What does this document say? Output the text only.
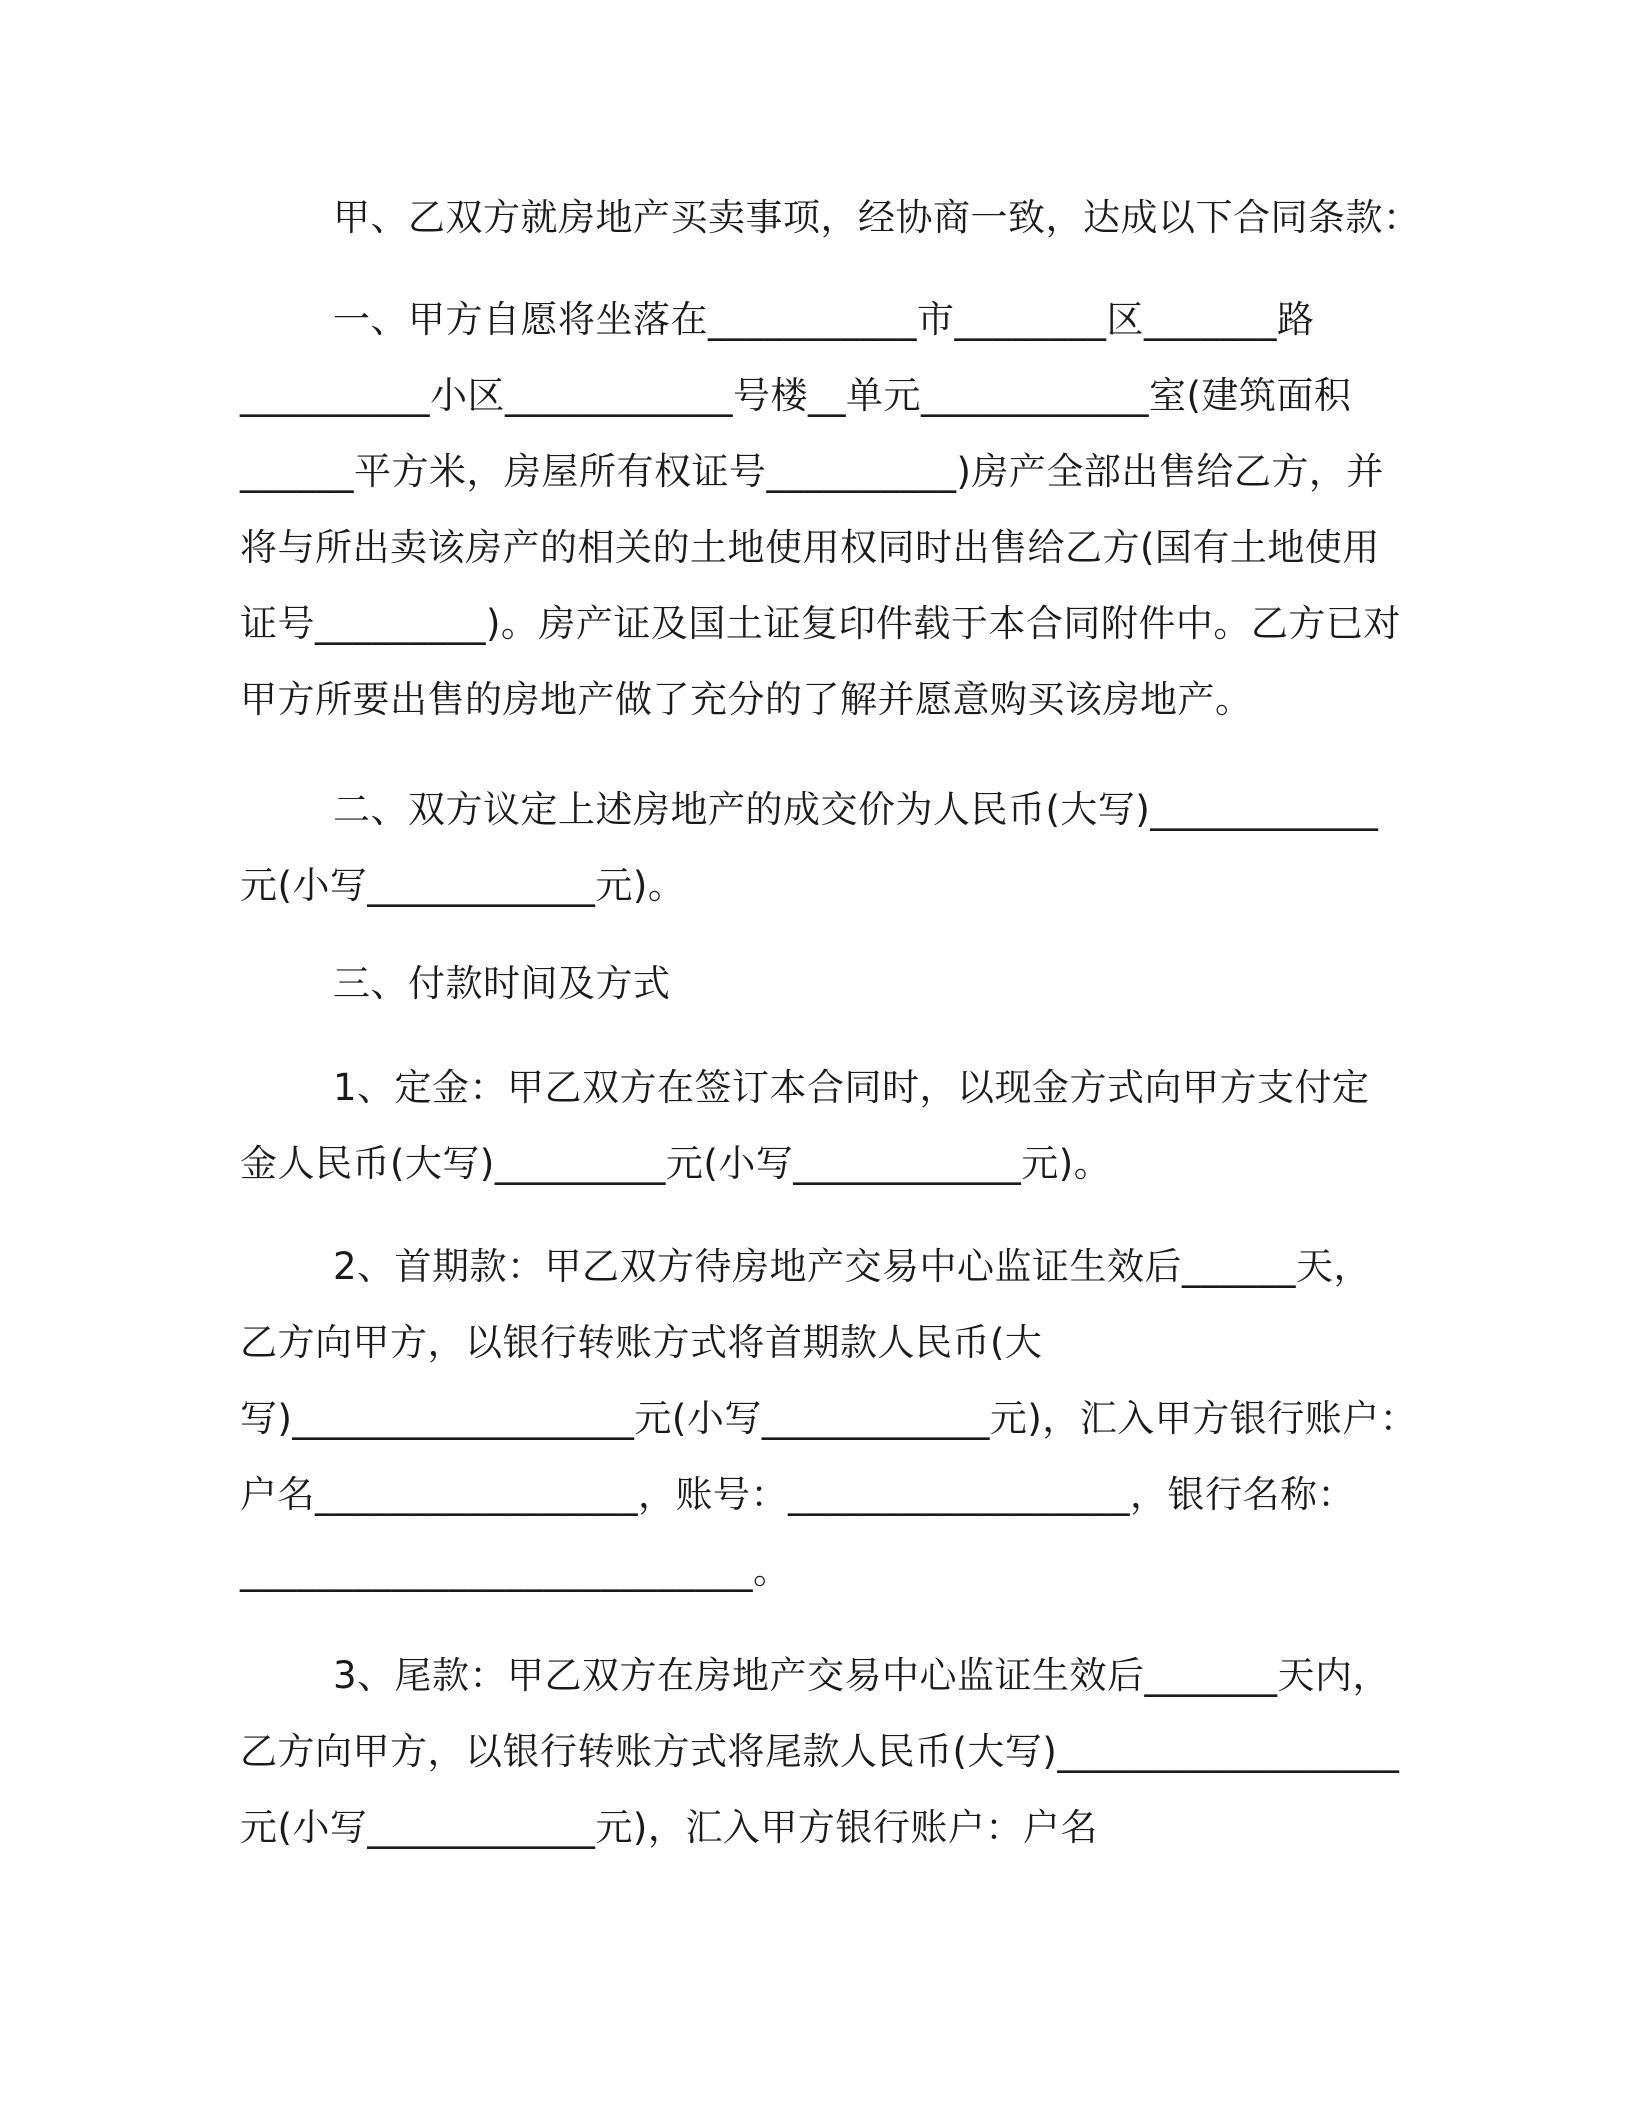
甲、乙双方就房地产买卖事项，经协商一致，达成以下合同条款：
一、甲方自愿将坐落在___________市________区_______路
__________小区____________号楼__单元____________室(建筑面积
______平方米，房屋所有权证号__________)房产全部出售给乙方，并
将与所出卖该房产的相关的土地使用权同时出售给乙方(国有土地使用
证号_________)。房产证及国土证复印件载于本合同附件中。乙方已对
甲方所要出售的房地产做了充分的了解并愿意购买该房地产。
二、双方议定上述房地产的成交价为人民币(大写)____________
元(小写____________元)。
三、付款时间及方式
1、定金：甲乙双方在签订本合同时，以现金方式向甲方支付定
金人民币(大写)_________元(小写____________元)。
2、首期款：甲乙双方待房地产交易中心监证生效后______天，
乙方向甲方，以银行转账方式将首期款人民币(大
写)__________________元(小写____________元)，汇入甲方银行账户：
户名_________________，账号：__________________，银行名称：
___________________________。
3、尾款：甲乙双方在房地产交易中心监证生效后_______天内，
乙方向甲方，以银行转账方式将尾款人民币(大写)__________________
元(小写____________元)，汇入甲方银行账户：户名
